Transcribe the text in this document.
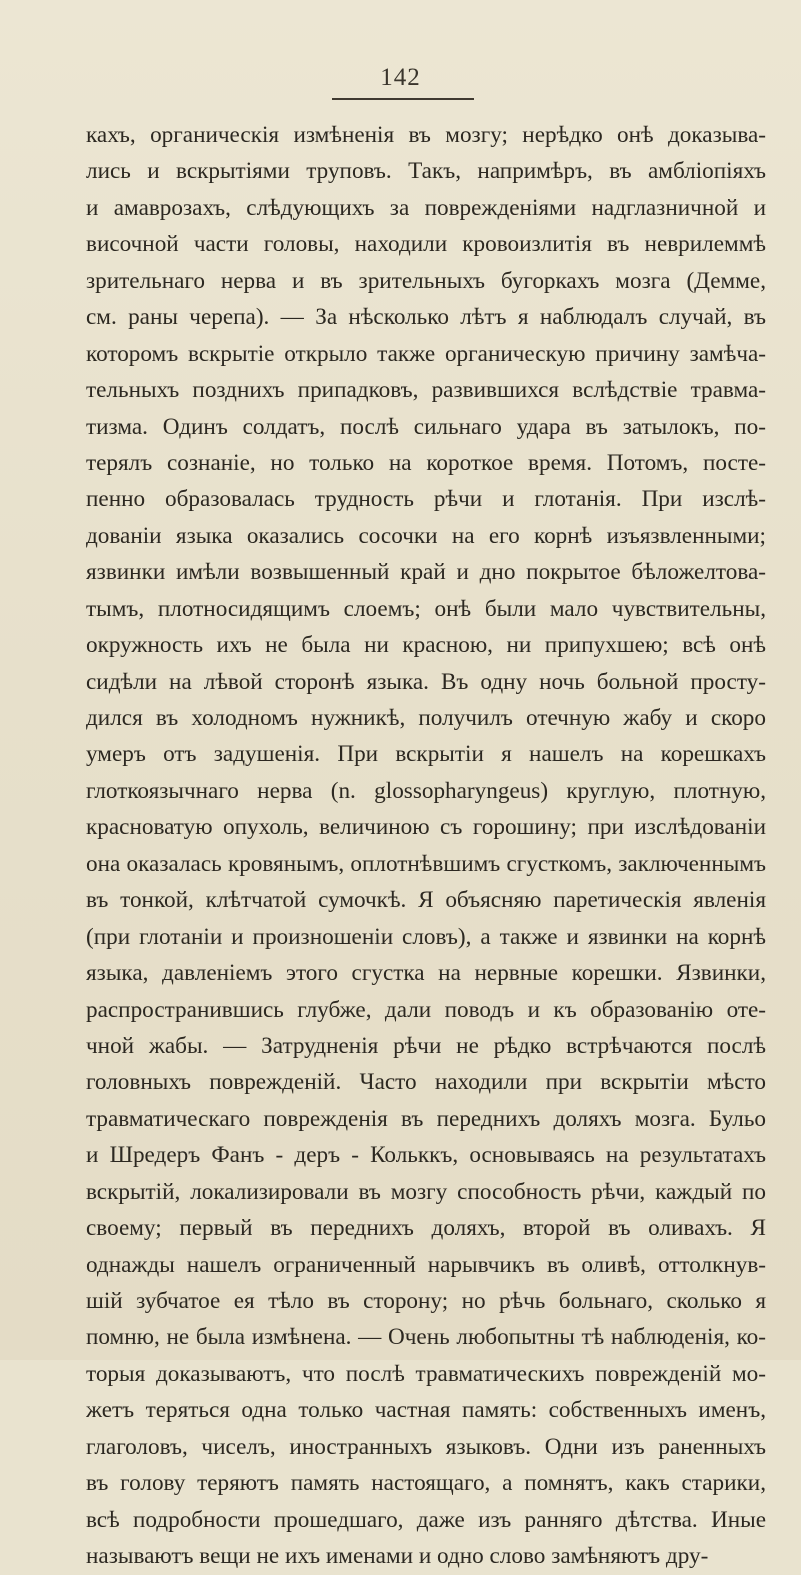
142
кахъ, органическія измѣненія въ мозгу; нерѣдко онѣ доказыва-
лись и вскрытіями труповъ. Такъ, напримѣръ, въ амбліопіяхъ
и амаврозахъ, слѣдующихъ за поврежденіями надглазничной и
височной части головы, находили кровоизлитія въ неврилеммѣ
зрительнаго нерва и въ зрительныхъ бугоркахъ мозга (Демме,
см. раны черепа). — За нѣсколько лѣтъ я наблюдалъ случай, въ
которомъ вскрытіе открыло также органическую причину замѣча-
тельныхъ позднихъ припадковъ, развившихся вслѣдствіе травма-
тизма. Одинъ солдатъ, послѣ сильнаго удара въ затылокъ, по-
терялъ сознаніе, но только на короткое время. Потомъ, посте-
пенно образовалась трудность рѣчи и глотанія. При изслѣ-
дованіи языка оказались сосочки на его корнѣ изъязвленными;
язвинки имѣли возвышенный край и дно покрытое бѣложелтова-
тымъ, плотносидящимъ слоемъ; онѣ были мало чувствительны,
окружность ихъ не была ни красною, ни припухшею; всѣ онѣ
сидѣли на лѣвой сторонѣ языка. Въ одну ночь больной просту-
дился въ холодномъ нужникѣ, получилъ отечную жабу и скоро
умеръ отъ задушенія. При вскрытіи я нашелъ на корешкахъ
глоткоязычнаго нерва (n. glossopharyngeus) круглую, плотную,
красноватую опухоль, величиною съ горошину; при изслѣдованіи
она оказалась кровянымъ, оплотнѣвшимъ сгусткомъ, заключеннымъ
въ тонкой, клѣтчатой сумочкѣ. Я объясняю паретическія явленія
(при глотаніи и произношеніи словъ), а также и язвинки на корнѣ
языка, давленіемъ этого сгустка на нервные корешки. Язвинки,
распространившись глубже, дали поводъ и къ образованію оте-
чной жабы. — Затрудненія рѣчи не рѣдко встрѣчаются послѣ
головныхъ поврежденій. Часто находили при вскрытіи мѣсто
травматическаго поврежденія въ переднихъ доляхъ мозга. Бульо
и Шредеръ Фанъ - деръ - Кольккъ, основываясь на результатахъ
вскрытій, локализировали въ мозгу способность рѣчи, каждый по
своему; первый въ переднихъ доляхъ, второй въ оливахъ. Я
однажды нашелъ ограниченный нарывчикъ въ оливѣ, оттолкнув-
шій зубчатое ея тѣло въ сторону; но рѣчь больнаго, сколько я
помню, не была измѣнена. — Очень любопытны тѣ наблюденія, ко-
торыя доказываютъ, что послѣ травматическихъ поврежденій мо-
жетъ теряться одна только частная память: собственныхъ именъ,
глаголовъ, чиселъ, иностранныхъ языковъ. Одни изъ раненныхъ
въ голову теряютъ память настоящаго, а помнятъ, какъ старики,
всѣ подробности прошедшаго, даже изъ ранняго дѣтства. Иные
называютъ вещи не ихъ именами и одно слово замѣняютъ дру-
